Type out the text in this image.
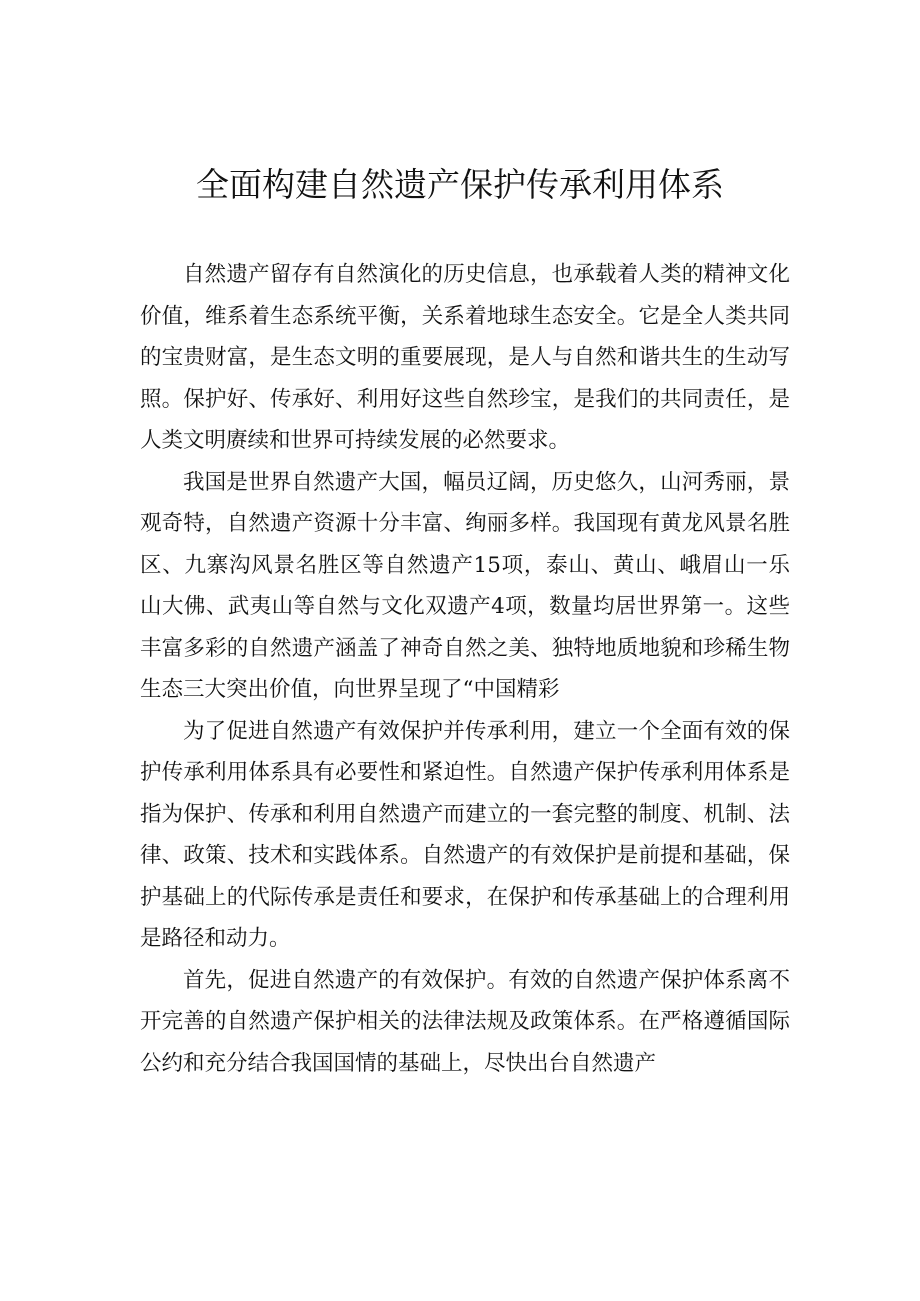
全面构建自然遗产保护传承利用体系

自然遗产留存有自然演化的历史信息，也承载着人类的精神文化价值，维系着生态系统平衡，关系着地球生态安全。它是全人类共同的宝贵财富，是生态文明的重要展现，是人与自然和谐共生的生动写照。保护好、传承好、利用好这些自然珍宝，是我们的共同责任，是人类文明赓续和世界可持续发展的必然要求。

我国是世界自然遗产大国，幅员辽阔，历史悠久，山河秀丽，景观奇特，自然遗产资源十分丰富、绚丽多样。我国现有黄龙风景名胜区、九寨沟风景名胜区等自然遗产15项，泰山、黄山、峨眉山一乐山大佛、武夷山等自然与文化双遗产4项，数量均居世界第一。这些丰富多彩的自然遗产涵盖了神奇自然之美、独特地质地貌和珍稀生物生态三大突出价值，向世界呈现了“中国精彩

为了促进自然遗产有效保护并传承利用，建立一个全面有效的保护传承利用体系具有必要性和紧迫性。自然遗产保护传承利用体系是指为保护、传承和利用自然遗产而建立的一套完整的制度、机制、法律、政策、技术和实践体系。自然遗产的有效保护是前提和基础，保护基础上的代际传承是责任和要求，在保护和传承基础上的合理利用是路径和动力。

首先，促进自然遗产的有效保护。有效的自然遗产保护体系离不开完善的自然遗产保护相关的法律法规及政策体系。在严格遵循国际公约和充分结合我国国情的基础上，尽快出台自然遗产
